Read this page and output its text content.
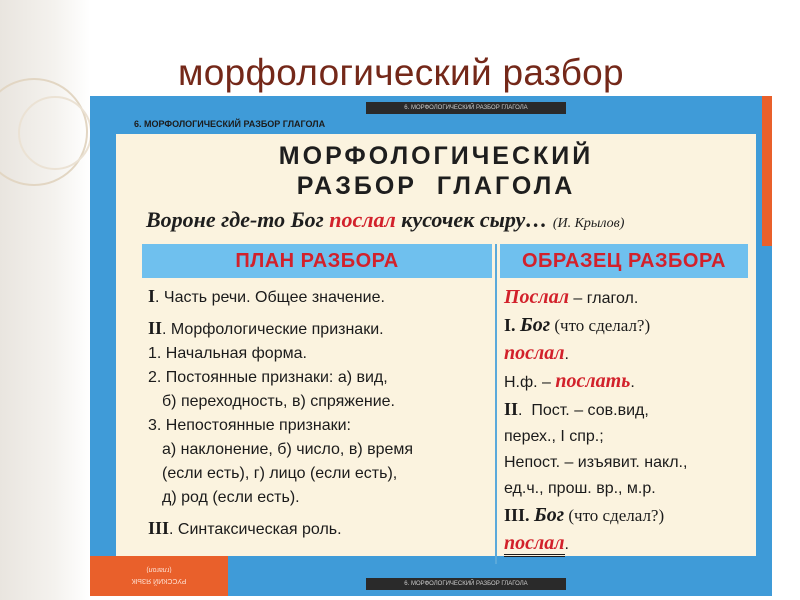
морфологический разбор
6. МОРФОЛОГИЧЕСКИЙ РАЗБОР ГЛАГОЛА
6. МОРФОЛОГИЧЕСКИЙ РАЗБОР ГЛАГОЛА
МОРФОЛОГИЧЕСКИЙ
РАЗБОР  ГЛАГОЛА
Вороне где-то Бог послал кусочек сыру… (И. Крылов)
ПЛАН РАЗБОРА	ОБРАЗЕЦ РАЗБОРА
I. Часть речи. Общее значение.
II. Морфологические признаки.
1. Начальная форма.
2. Постоянные признаки: а) вид,
б) переходность, в) спряжение.
3. Непостоянные признаки:
а) наклонение, б) число, в) время
(если есть), г) лицо (если есть),
д) род (если есть).
III. Синтаксическая роль.
Послал – глагол.
I. Бог (что сделал?)
послал.
Н.ф. – послать.
II.  Пост. – сов.вид,
перех., I спр.;
Непост. – изъявит. накл.,
ед.ч., прош. вр., м.р.
III. Бог (что сделал?)
послал.
6. МОРФОЛОГИЧЕСКИЙ РАЗБОР ГЛАГОЛА
(глагол)
РУССКИЙ ЯЗЫК
